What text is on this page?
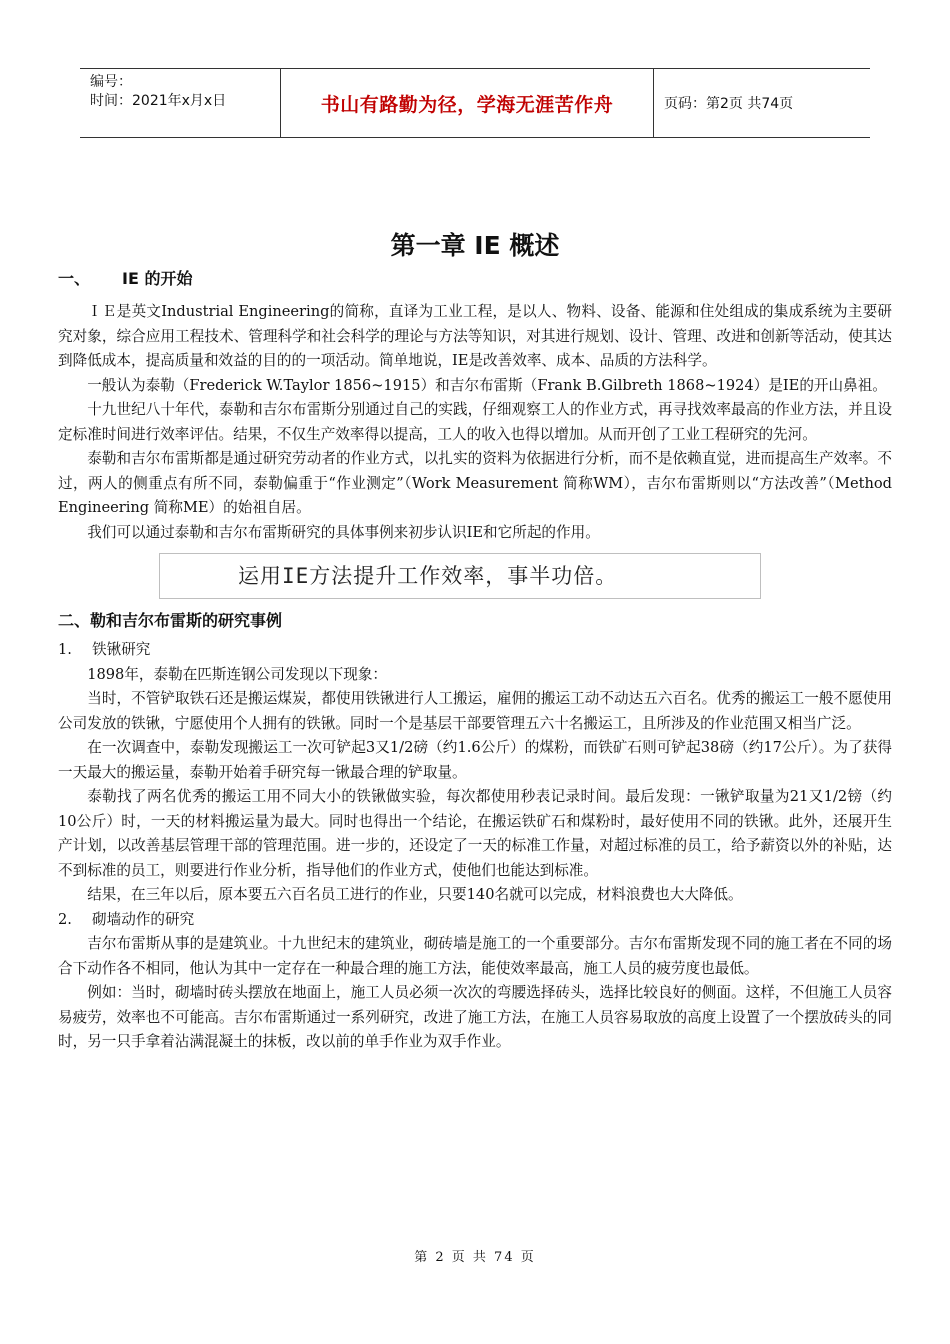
编号：
时间：2021年x月x日	书山有路勤为径，学海无涯苦作舟	页码：第2页 共74页
第一章 IE 概述
一、 IE 的开始

ＩＥ是英文Industrial Engineering的简称，直译为工业工程，是以人、物料、设备、能源和住处组成的集成系统为主要研究对象，综合应用工程技术、管理科学和社会科学的理论与方法等知识，对其进行规划、设计、管理、改进和创新等活动，使其达到降低成本，提高质量和效益的目的的一项活动。简单地说，IE是改善效率、成本、品质的方法科学。

一般认为泰勒（Frederick W.Taylor 1856~1915）和吉尔布雷斯（Frank B.Gilbreth 1868~1924）是IE的开山鼻祖。

十九世纪八十年代，泰勒和吉尔布雷斯分别通过自己的实践，仔细观察工人的作业方式，再寻找效率最高的作业方法，并且设定标准时间进行效率评估。结果，不仅生产效率得以提高，工人的收入也得以增加。从而开创了工业工程研究的先河。

泰勒和吉尔布雷斯都是通过研究劳动者的作业方式，以扎实的资料为依据进行分析，而不是依赖直觉，进而提高生产效率。不过，两人的侧重点有所不同，泰勒偏重于“作业测定”（Work Measurement 简称WM），吉尔布雷斯则以“方法改善”（Method Engineering 简称ME）的始祖自居。

我们可以通过泰勒和吉尔布雷斯研究的具体事例来初步认识IE和它所起的作用。

运用IE方法提升工作效率，事半功倍。
二、勒和吉尔布雷斯的研究事例

1. 铁锹研究

1898年，泰勒在匹斯连钢公司发现以下现象：

当时，不管铲取铁石还是搬运煤炭，都使用铁锹进行人工搬运，雇佣的搬运工动不动达五六百名。优秀的搬运工一般不愿使用公司发放的铁锹，宁愿使用个人拥有的铁锹。同时一个是基层干部要管理五六十名搬运工，且所涉及的作业范围又相当广泛。

在一次调查中，泰勒发现搬运工一次可铲起3又1/2磅（约1.6公斤）的煤粉，而铁矿石则可铲起38磅（约17公斤）。为了获得一天最大的搬运量，泰勒开始着手研究每一锹最合理的铲取量。

泰勒找了两名优秀的搬运工用不同大小的铁锹做实验，每次都使用秒表记录时间。最后发现：一锹铲取量为21又1/2镑（约10公斤）时，一天的材料搬运量为最大。同时也得出一个结论，在搬运铁矿石和煤粉时，最好使用不同的铁锹。此外，还展开生产计划，以改善基层管理干部的管理范围。进一步的，还设定了一天的标准工作量，对超过标准的员工，给予薪资以外的补贴，达不到标准的员工，则要进行作业分析，指导他们的作业方式，使他们也能达到标准。

结果，在三年以后，原本要五六百名员工进行的作业，只要140名就可以完成，材料浪费也大大降低。

2. 砌墙动作的研究

吉尔布雷斯从事的是建筑业。十九世纪末的建筑业，砌砖墙是施工的一个重要部分。吉尔布雷斯发现不同的施工者在不同的场合下动作各不相同，他认为其中一定存在一种最合理的施工方法，能使效率最高，施工人员的疲劳度也最低。

例如：当时，砌墙时砖头摆放在地面上，施工人员必须一次次的弯腰选择砖头，选择比较良好的侧面。这样，不但施工人员容易疲劳，效率也不可能高。吉尔布雷斯通过一系列研究，改进了施工方法，在施工人员容易取放的高度上设置了一个摆放砖头的同时，另一只手拿着沾满混凝土的抹板，改以前的单手作业为双手作业。

第 2 页 共 74 页
